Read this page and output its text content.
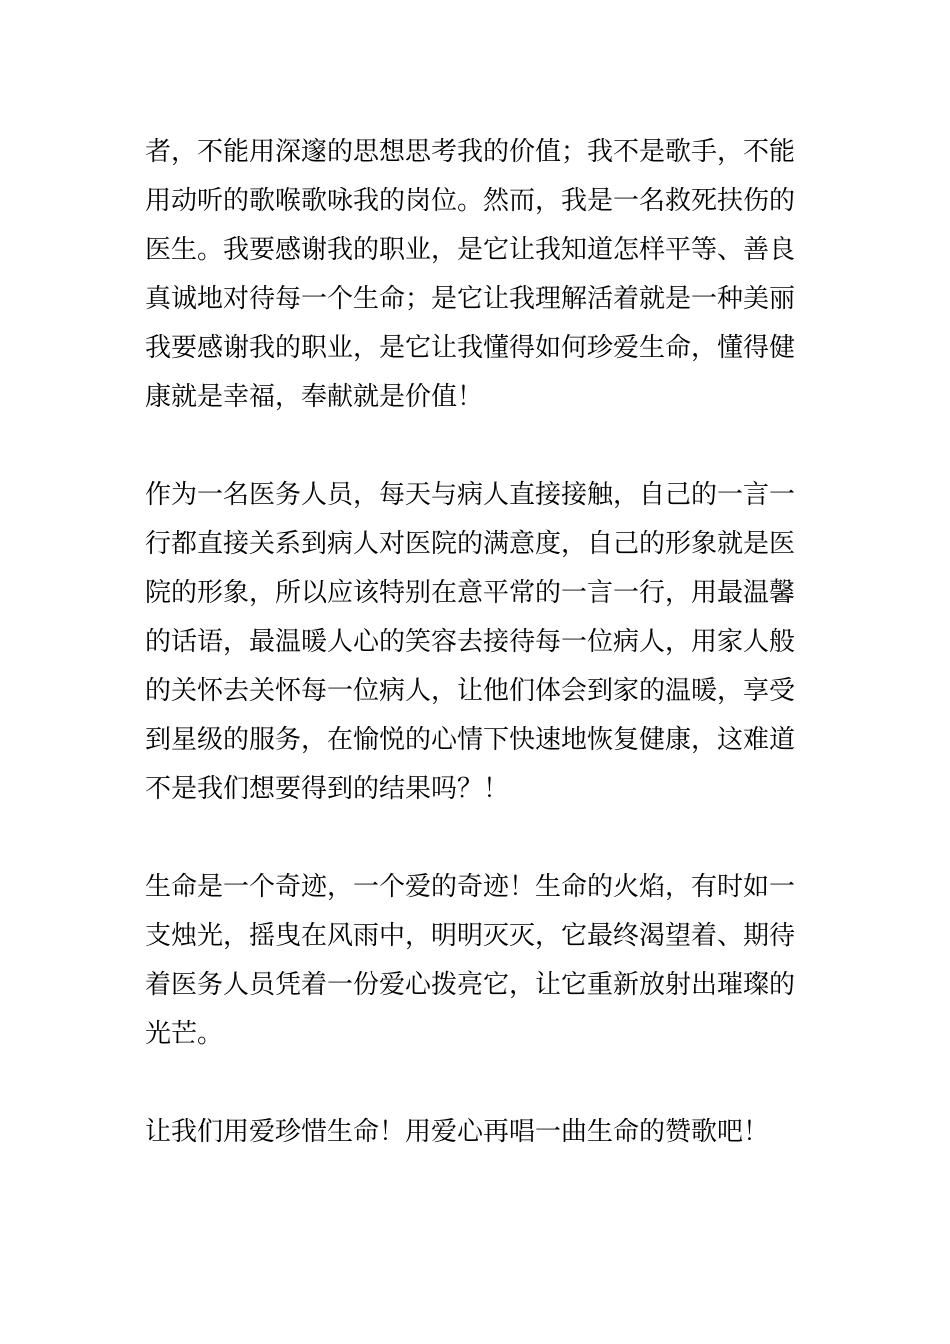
者，不能用深邃的思想思考我的价值；我不是歌手，不能
用动听的歌喉歌咏我的岗位。然而，我是一名救死扶伤的
医生。我要感谢我的职业，是它让我知道怎样平等、善良
真诚地对待每一个生命；是它让我理解活着就是一种美丽
我要感谢我的职业，是它让我懂得如何珍爱生命，懂得健
康就是幸福，奉献就是价值！
作为一名医务人员，每天与病人直接接触，自己的一言一
行都直接关系到病人对医院的满意度，自己的形象就是医
院的形象，所以应该特别在意平常的一言一行，用最温馨
的话语，最温暖人心的笑容去接待每一位病人，用家人般
的关怀去关怀每一位病人，让他们体会到家的温暖，享受
到星级的服务，在愉悦的心情下快速地恢复健康，这难道
不是我们想要得到的结果吗？！
生命是一个奇迹，一个爱的奇迹！生命的火焰，有时如一
支烛光，摇曳在风雨中，明明灭灭，它最终渴望着、期待
着医务人员凭着一份爱心拨亮它，让它重新放射出璀璨的
光芒。
让我们用爱珍惜生命！用爱心再唱一曲生命的赞歌吧！
